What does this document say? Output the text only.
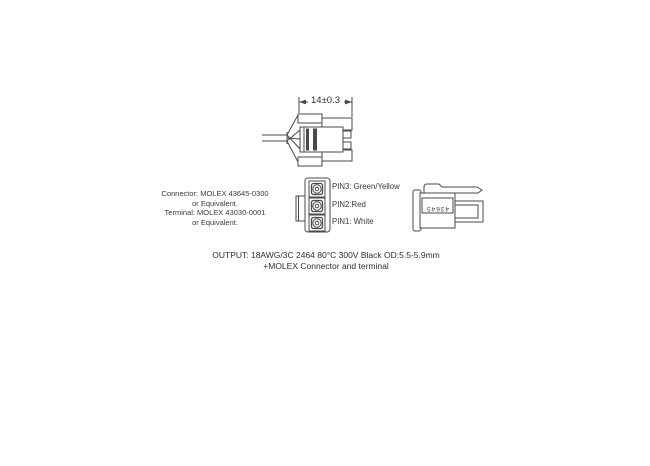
14±0.3
Connector: MOLEX 43645-0300
or Equivalent.
Terminal: MOLEX 43030-0001
or Equivalent.
PIN3: Green/Yellow
PIN2:Red
PIN1: White
43645
OUTPUT: 18AWG/3C 2464 80°C 300V Black OD:5.5-5.9mm
+MOLEX Connector and terminal
